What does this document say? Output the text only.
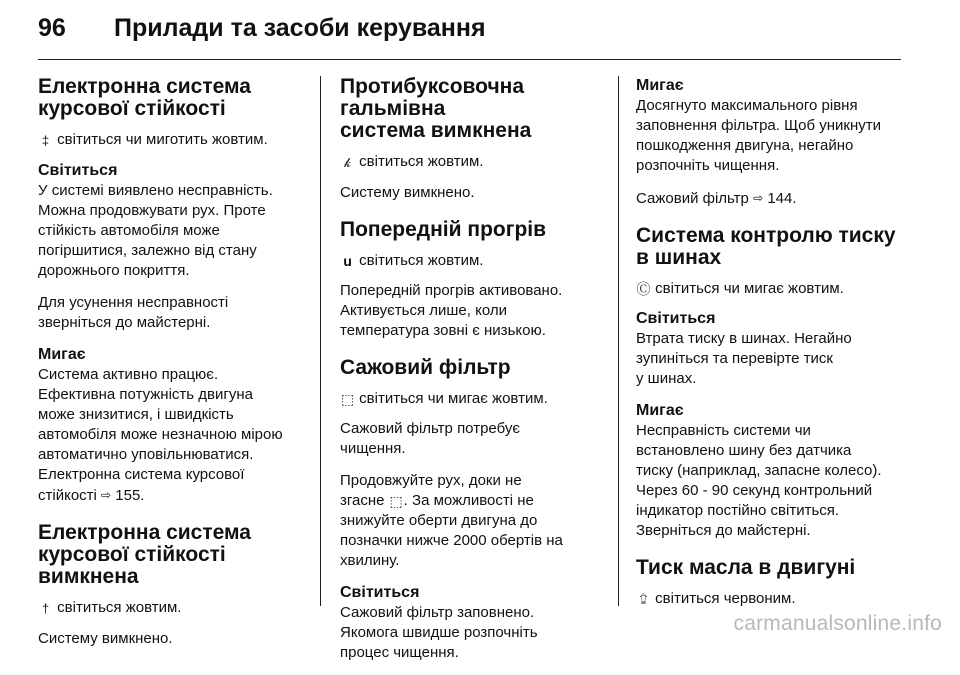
96	Прилади та засоби керування
Електронна система
курсової стійкості

‡ світиться чи миготить жовтим.

Світиться
У системі виявлено несправність.
Можна продовжувати рух. Проте
стійкість автомобіля може
погіршитися, залежно від стану
дорожнього покриття.
Для усунення несправності
зверніться до майстерні.
Мигає
Система активно працює.
Ефективна потужність двигуна
може знизитися, і швидкість
автомобіля може незначною мірою
автоматично уповільнюватися.
Електронна система курсової
стійкості ⇨ 155.
Електронна система
курсової стійкості вимкнена

† світиться жовтим.

Систему вимкнено.

Протибуксовочна гальмівна
система вимкнена

𝓀 світиться жовтим.

Систему вимкнено.

Попередній прогрів

𝐮 світиться жовтим.

Попередній прогрів активовано.
Активується лише, коли
температура зовні є низькою.
Сажовий фільтр

⬚ світиться чи мигає жовтим.

Сажовий фільтр потребує
чищення.
Продовжуйте рух, доки не
згасне ⬚. За можливості не
знижуйте оберти двигуна до
позначки нижче 2000 обертів на
хвилину.
Світиться
Сажовий фільтр заповнено.
Якомога швидше розпочніть
процес чищення.
Мигає
Досягнуто максимального рівня
заповнення фільтра. Щоб уникнути
пошкодження двигуна, негайно
розпочніть чищення.

Сажовий фільтр ⇨ 144.

Система контролю тиску
в шинах

Ⓒ світиться чи мигає жовтим.

Світиться
Втрата тиску в шинах. Негайно
зупиніться та перевірте тиск
у шинах.
Мигає
Несправність системи чи
встановлено шину без датчика
тиску (наприклад, запасне колесо).
Через 60 - 90 секунд контрольний
індикатор постійно світиться.
Зверніться до майстерні.
Тиск масла в двигуні

⮸ світиться червоним.

carmanualsonline.info
